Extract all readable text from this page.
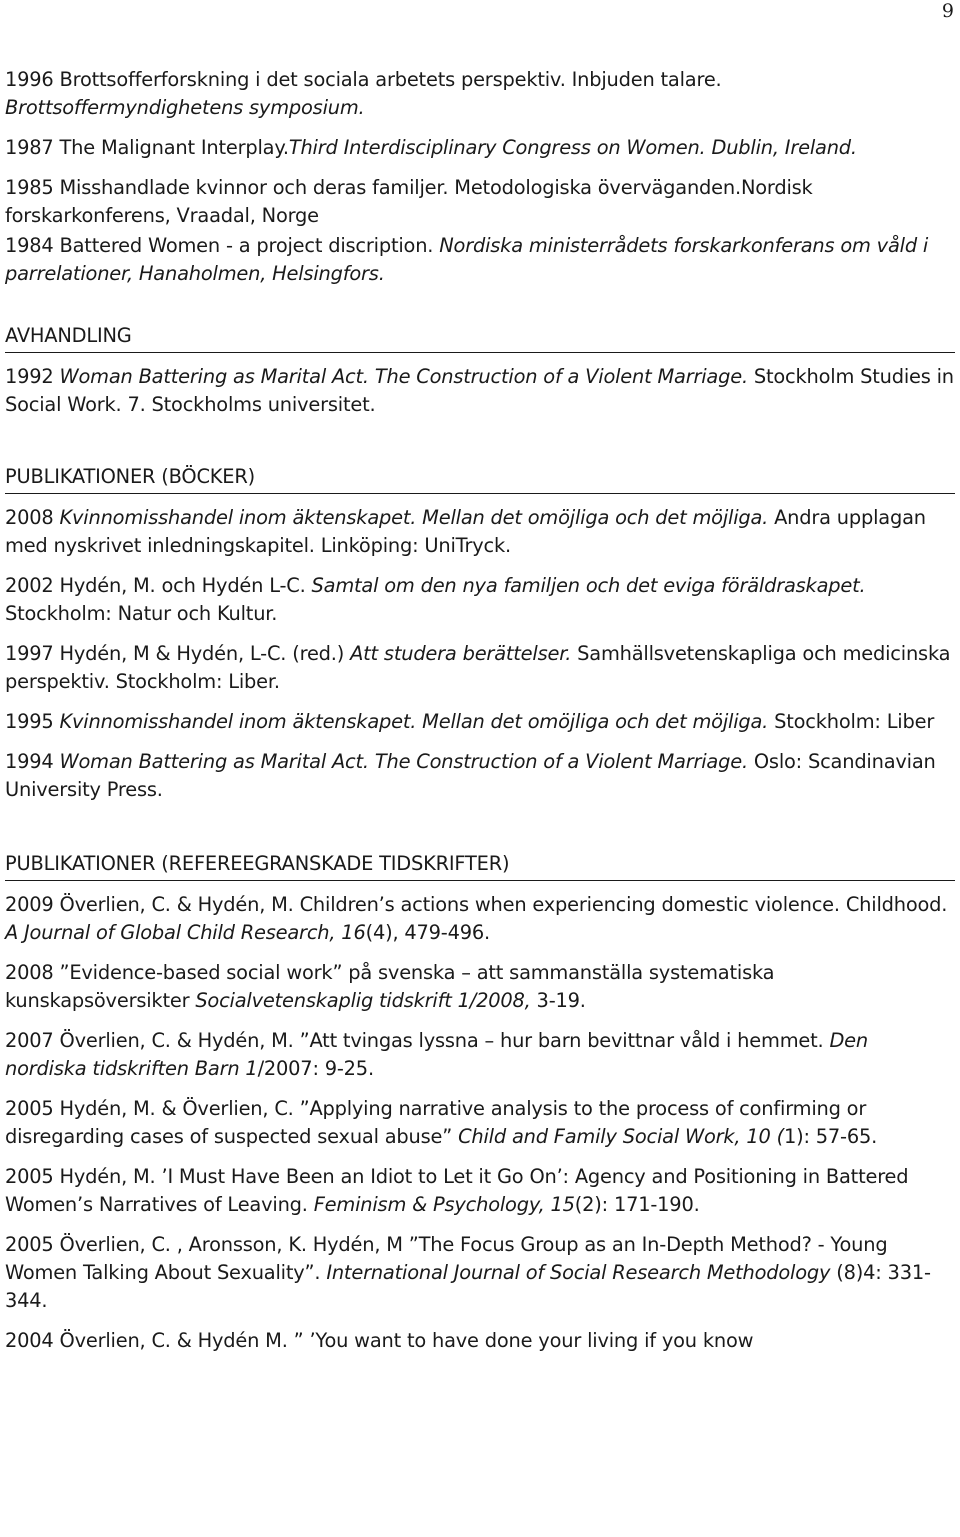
9

1996 Brottsofferforskning i det sociala arbetets perspektiv. Inbjuden talare. Brottsoffermyndighetens symposium.

1987 The Malignant Interplay.Third Interdisciplinary Congress on Women. Dublin, Ireland.

1985 Misshandlade kvinnor och deras familjer. Metodologiska överväganden.Nordisk forskarkonferens, Vraadal, Norge

1984 Battered Women - a project discription. Nordiska ministerrådets forskarkonferans om våld i parrelationer, Hanaholmen, Helsingfors.

AVHANDLING

1992 Woman Battering as Marital Act. The Construction of a Violent Marriage. Stockholm Studies in Social Work. 7. Stockholms universitet.

PUBLIKATIONER (BÖCKER)

2008 Kvinnomisshandel inom äktenskapet. Mellan det omöjliga och det möjliga. Andra upplagan med nyskrivet inledningskapitel. Linköping: UniTryck.

2002 Hydén, M. och Hydén L-C. Samtal om den nya familjen och det eviga föräldraskapet. Stockholm: Natur och Kultur.

1997 Hydén, M & Hydén, L-C. (red.) Att studera berättelser. Samhällsvetenskapliga och medicinska perspektiv. Stockholm: Liber.

1995 Kvinnomisshandel inom äktenskapet. Mellan det omöjliga och det möjliga. Stockholm: Liber

1994 Woman Battering as Marital Act. The Construction of a Violent Marriage. Oslo: Scandinavian University Press.

PUBLIKATIONER (REFEREEGRANSKADE TIDSKRIFTER)

2009 Överlien, C. & Hydén, M. Children’s actions when experiencing domestic violence. Childhood. A Journal of Global Child Research, 16(4), 479-496.

2008 ”Evidence-based social work” på svenska – att sammanställa systematiska kunskapsöversikter Socialvetenskaplig tidskrift 1/2008, 3-19.

2007 Överlien, C. & Hydén, M. ”Att tvingas lyssna – hur barn bevittnar våld i hemmet. Den nordiska tidskriften Barn 1/2007: 9-25.

2005 Hydén, M. & Överlien, C. ”Applying narrative analysis to the process of confirming or disregarding cases of suspected sexual abuse” Child and Family Social Work, 10 (1): 57-65.

2005 Hydén, M. ’I Must Have Been an Idiot to Let it Go On’: Agency and Positioning in Battered Women’s Narratives of Leaving. Feminism & Psychology, 15(2): 171-190.

2005 Överlien, C. , Aronsson, K. Hydén, M ”The Focus Group as an In-Depth Method? - Young Women Talking About Sexuality”. International Journal of Social Research Methodology (8)4: 331-344.

2004 Överlien, C. & Hydén M. ” ’You want to have done your living if you know
